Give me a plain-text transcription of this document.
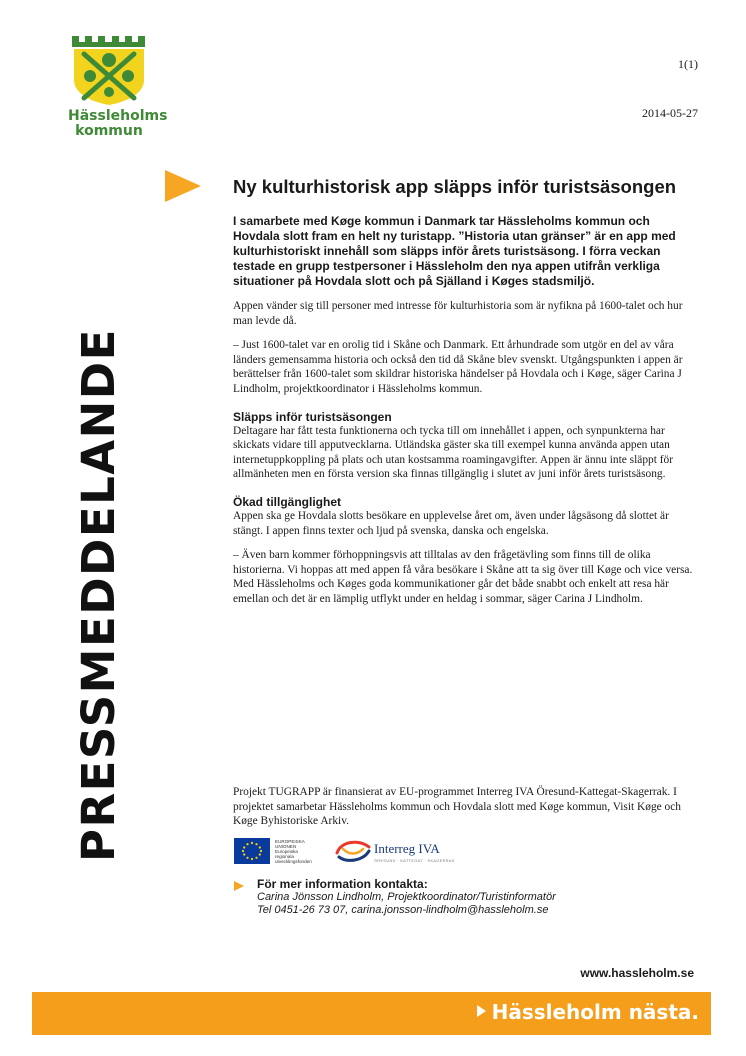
Hässleholms
kommun
1(1)
2014-05-27
PRESSMEDDELANDE
Ny kulturhistorisk app släpps inför turistsäsongen

I samarbete med Køge kommun i Danmark tar Hässleholms kommun och Hovdala slott fram en helt ny turistapp. ”Historia utan gränser” är en app med kulturhistoriskt innehåll som släpps inför årets turistsäsong. I förra veckan testade en grupp testpersoner i Hässleholm den nya appen utifrån verkliga situationer på Hovdala slott och på Själland i Køges stadsmiljö.

Appen vänder sig till personer med intresse för kulturhistoria som är nyfikna på 1600-talet och hur man levde då.

– Just 1600-talet var en orolig tid i Skåne och Danmark. Ett århundrade som utgör en del av våra länders gemensamma historia och också den tid då Skåne blev svenskt. Utgångspunkten i appen är berättelser från 1600-talet som skildrar historiska händelser på Hovdala och i Køge, säger Carina J Lindholm, projektkoordinator i Hässleholms kommun.

Släpps inför turistsäsongen

Deltagare har fått testa funktionerna och tycka till om innehållet i appen, och synpunkterna har skickats vidare till apputvecklarna. Utländska gäster ska till exempel kunna använda appen utan internetuppkoppling på plats och utan kostsamma roamingavgifter. Appen är ännu inte släppt för allmänheten men en första version ska finnas tillgänglig i slutet av juni inför årets turistsäsong.

Ökad tillgänglighet

Appen ska ge Hovdala slotts besökare en upplevelse året om, även under lågsäsong då slottet är stängt. I appen finns texter och ljud på svenska, danska och engelska.

– Även barn kommer förhoppningsvis att tilltalas av den frågetävling som finns till de olika historierna. Vi hoppas att med appen få våra besökare i Skåne att ta sig över till Køge och vice versa. Med Hässleholms och Køges goda kommunikationer går det både snabbt och enkelt att resa här emellan och det är en lämplig utflykt under en heldag i sommar, säger Carina J Lindholm.

Projekt TUGRAPP är finansierat av EU-programmet Interreg IVA Öresund-Kattegat-Skagerrak. I projektet samarbetar Hässleholms kommun och Hovdala slott med Køge kommun, Visit Køge och Køge Byhistoriske Arkiv.

EUROPEISKA
UNIONEN
Europeiska
regionala
utvecklingsfonden
Interreg IVA
ÖRESUND · KATTEGAT · SKAGERRAK
För mer information kontakta:
Carina Jönsson Lindholm, Projektkoordinator/Turistinformatör
Tel 0451-26 73 07, carina.jonsson-lindholm@hassleholm.se
www.hassleholm.se
Hässleholm nästa.
